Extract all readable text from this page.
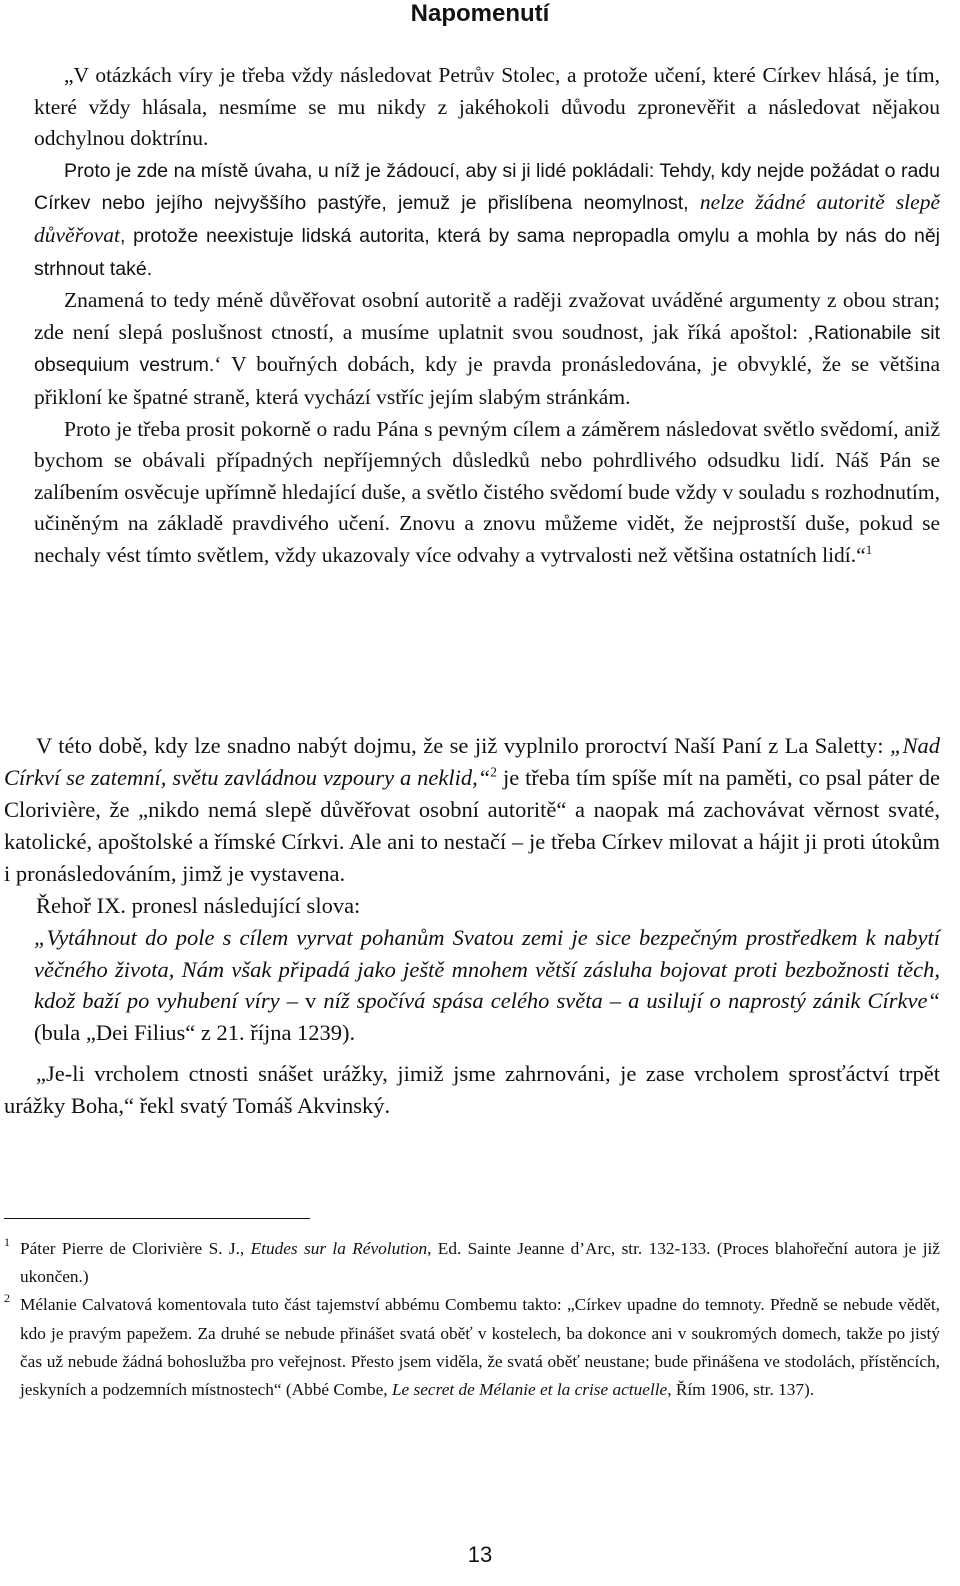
Napomenutí

„V otázkách víry je třeba vždy následovat Petrův Stolec, a protože učení, které Církev hlásá, je tím, které vždy hlásala, nesmíme se mu nikdy z jakéhokoli důvodu zpronevěřit a následovat nějakou odchylnou doktrínu.

Proto je zde na místě úvaha, u níž je žádoucí, aby si ji lidé pokládali: Tehdy, kdy nejde požádat o radu Církev nebo jejího nejvyššího pastýře, jemuž je přislíbena neomylnost, nelze žádné autoritě slepě důvěřovat, protože neexistuje lidská autorita, která by sama nepropadla omylu a mohla by nás do něj strhnout také.

Znamená to tedy méně důvěřovat osobní autoritě a raději zvažovat uváděné argumenty z obou stran; zde není slepá poslušnost ctností, a musíme uplatnit svou soudnost, jak říká apoštol: ‚Rationabile sit obsequium vestrum.‘ V bouřných dobách, kdy je pravda pronásledována, je obvyklé, že se většina přikloní ke špatné straně, která vychází vstříc jejím slabým stránkám.

Proto je třeba prosit pokorně o radu Pána s pevným cílem a záměrem následovat světlo svědomí, aniž bychom se obávali případných nepříjemných důsledků nebo pohrdlivého odsudku lidí. Náš Pán se zalíbením osvěcuje upřímně hledající duše, a světlo čistého svědomí bude vždy v souladu s rozhodnutím, učiněným na základě pravdivého učení. Znovu a znovu můžeme vidět, že nejprostší duše, pokud se nechaly vést tímto světlem, vždy ukazovaly více odvahy a vytrvalosti než většina ostatních lidí.“$^1$

V této době, kdy lze snadno nabýt dojmu, že se již vyplnilo proroctví Naší Paní z La Saletty: „Nad Církví se zatemní, světu zavládnou vzpoury a neklid,“$^2$ je třeba tím spíše mít na paměti, co psal páter de Clorivière, že „nikdo nemá slepě důvěřovat osobní autoritě“ a naopak má zachovávat věrnost svaté, katolické, apoštolské a římské Církvi. Ale ani to nestačí – je třeba Církev milovat a hájit ji proti útokům i pronásledováním, jimž je vystavena.

Řehoř IX. pronesl následující slova:

„Vytáhnout do pole s cílem vyrvat pohanům Svatou zemi je sice bezpečným prostředkem k nabytí věčného života, Nám však připadá jako ještě mnohem větší zásluha bojovat proti bezbožnosti těch, kdož baží po vyhubení víry – v níž spočívá spása celého světa – a usilují o naprostý zánik Církve“ (bula „Dei Filius“ z 21. října 1239).

„Je-li vrcholem ctnosti snášet urážky, jimiž jsme zahrnováni, je zase vrcholem sprosťáctví trpět urážky Boha,“ řekl svatý Tomáš Akvinský.

1 Páter Pierre de Clorivière S. J., Etudes sur la Révolution, Ed. Sainte Jeanne d’Arc, str. 132-133. (Proces blahořeční autora je již ukončen.)

2 Mélanie Calvatová komentovala tuto část tajemství abbému Combemu takto: „Církev upadne do temnoty. Předně se nebude vědět, kdo je pravým papežem. Za druhé se nebude přinášet svatá oběť v kostelech, ba dokonce ani v soukromých domech, takže po jistý čas už nebude žádná bohoslužba pro veřejnost. Přesto jsem viděla, že svatá oběť neustane; bude přinášena ve stodolách, přístěncích, jeskyních a podzemních místnostech“ (Abbé Combe, Le secret de Mélanie et la crise actuelle, Řím 1906, str. 137).

13
